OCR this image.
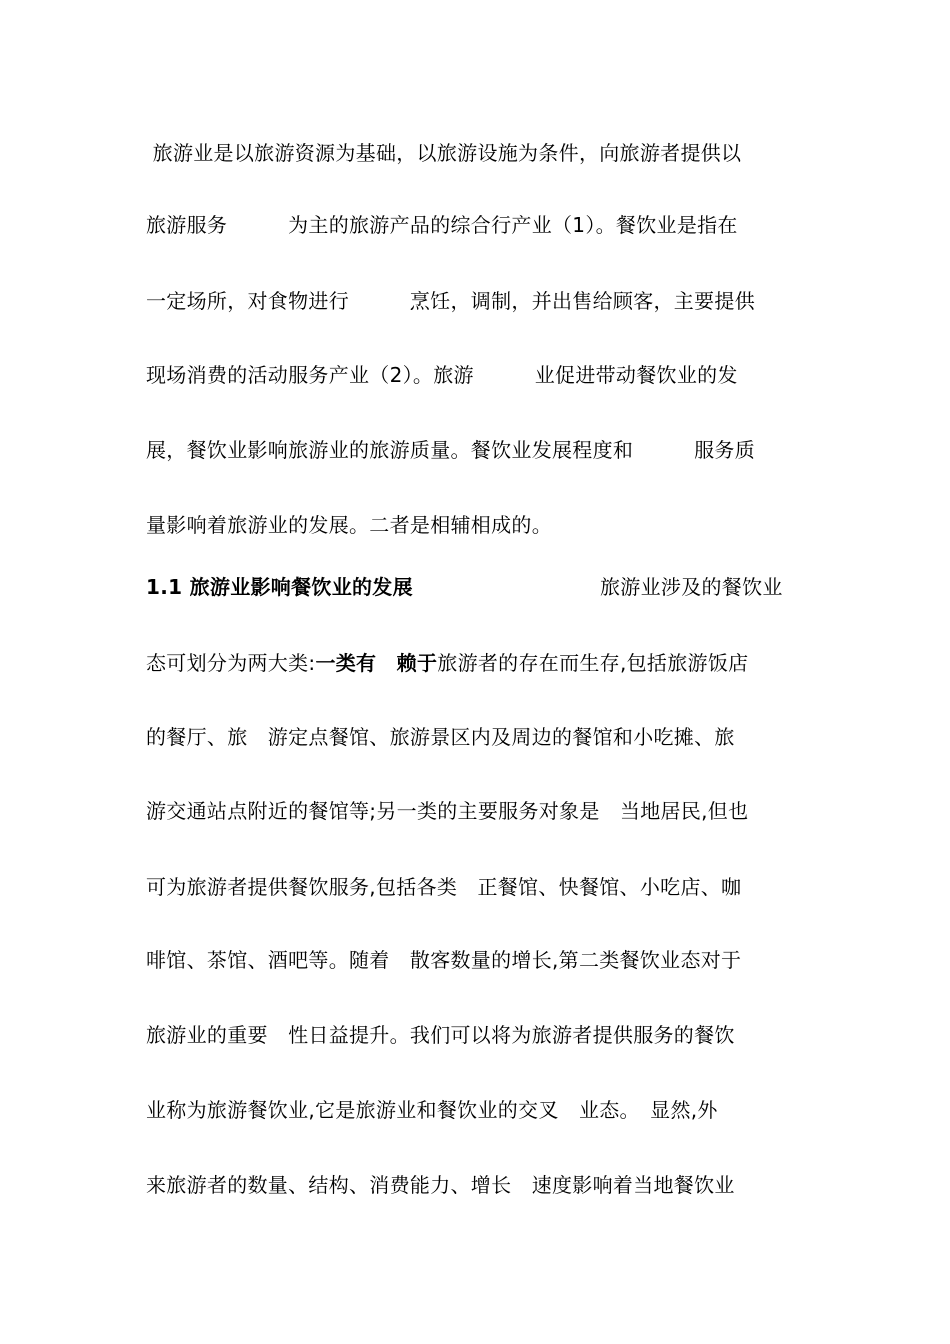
旅游业是以旅游资源为基础，以旅游设施为条件，向旅游者提供以
旅游服务　　　为主的旅游产品的综合行产业（1）。餐饮业是指在
一定场所，对食物进行　　　烹饪，调制，并出售给顾客，主要提供
现场消费的活动服务产业（2）。旅游　　　业促进带动餐饮业的发
展，餐饮业影响旅游业的旅游质量。餐饮业发展程度和　　　服务质
量影响着旅游业的发展。二者是相辅相成的。
1.1 旅游业影响餐饮业的发展	旅游业涉及的餐饮业
态可划分为两大类:一类有　赖于旅游者的存在而生存,包括旅游饭店
的餐厅、旅　游定点餐馆、旅游景区内及周边的餐馆和小吃摊、旅
游交通站点附近的餐馆等;另一类的主要服务对象是　当地居民,但也
可为旅游者提供餐饮服务,包括各类　正餐馆、快餐馆、小吃店、咖
啡馆、茶馆、酒吧等。随着　散客数量的增长,第二类餐饮业态对于
旅游业的重要　性日益提升。我们可以将为旅游者提供服务的餐饮
业称为旅游餐饮业,它是旅游业和餐饮业的交叉　业态。　显然,外
来旅游者的数量、结构、消费能力、增长　速度影响着当地餐饮业
